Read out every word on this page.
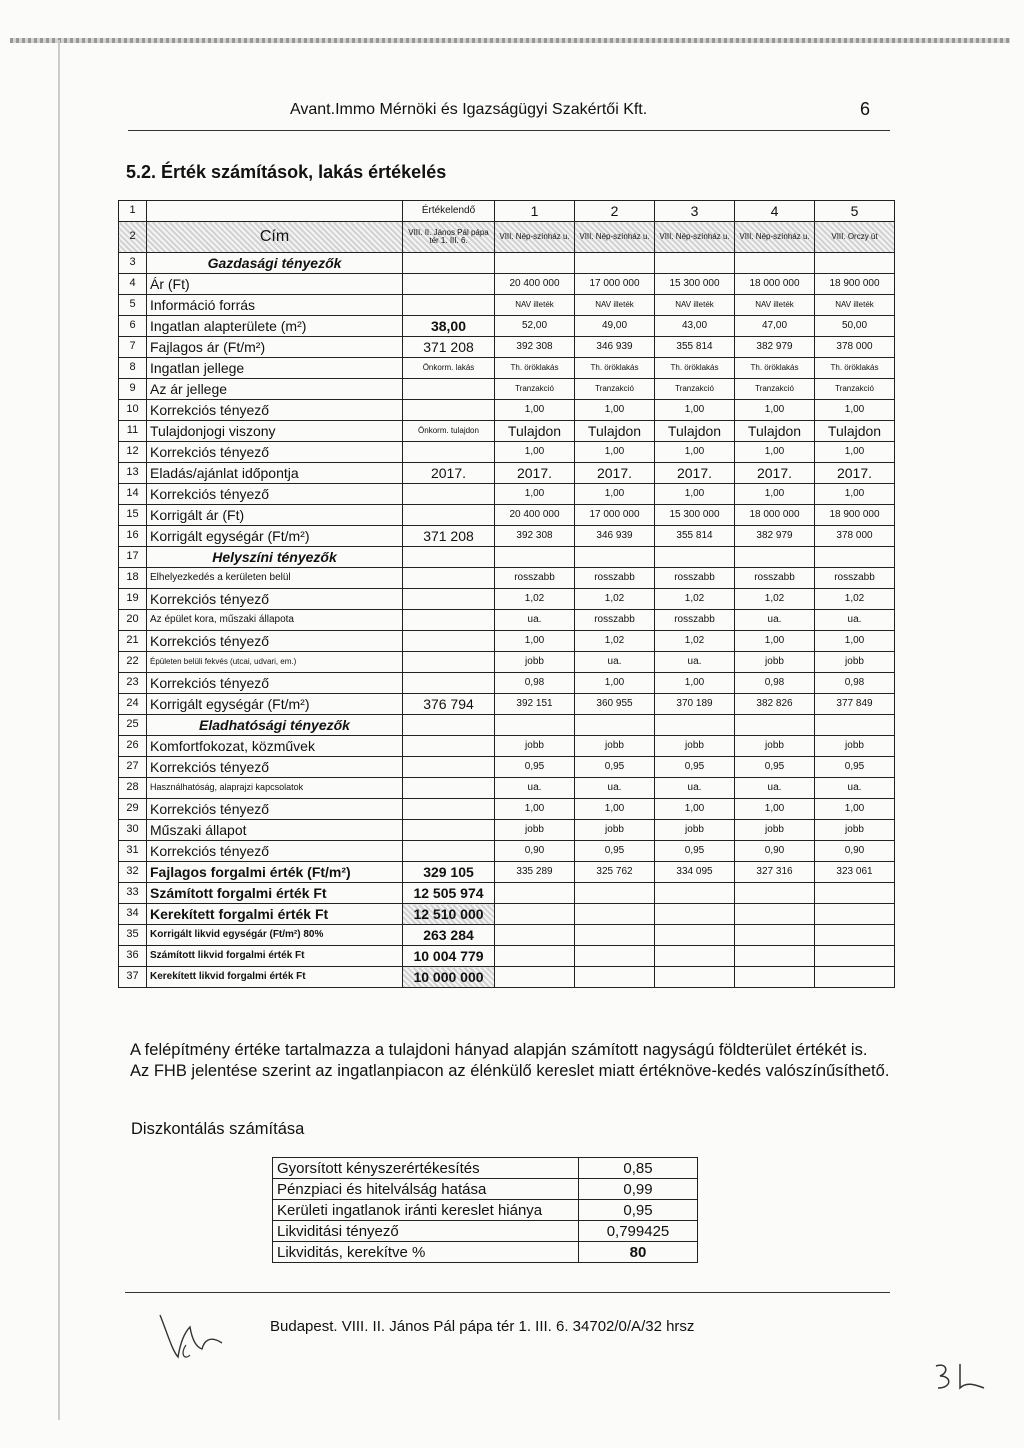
Avant.Immo Mérnöki és Igazságügyi Szakértői Kft.	6
5.2. Érték számítások, lakás értékelés
1		Értékelendő	1	2	3	4	5
2	Cím	VIII. II. János Pál pápa tér 1. III. 6.	VIII. Nép-színház u.	VIII. Nép-színház u.	VIII. Nép-színház u.	VIII. Nép-színház u.	VIII. Orczy út
3	Gazdasági tényezők						
4	Ár (Ft)		20 400 000	17 000 000	15 300 000	18 000 000	18 900 000
5	Információ forrás		NAV illeték	NAV illeték	NAV illeték	NAV illeték	NAV illeték
6	Ingatlan alapterülete (m²)	38,00	52,00	49,00	43,00	47,00	50,00
7	Fajlagos ár (Ft/m²)	371 208	392 308	346 939	355 814	382 979	378 000
8	Ingatlan jellege	Önkorm. lakás	Th. öröklakás	Th. öröklakás	Th. öröklakás	Th. öröklakás	Th. öröklakás
9	Az ár jellege		Tranzakció	Tranzakció	Tranzakció	Tranzakció	Tranzakció
10	Korrekciós tényező		1,00	1,00	1,00	1,00	1,00
11	Tulajdonjogi viszony	Önkorm. tulajdon	Tulajdon	Tulajdon	Tulajdon	Tulajdon	Tulajdon
12	Korrekciós tényező		1,00	1,00	1,00	1,00	1,00
13	Eladás/ajánlat időpontja	2017.	2017.	2017.	2017.	2017.	2017.
14	Korrekciós tényező		1,00	1,00	1,00	1,00	1,00
15	Korrigált ár (Ft)		20 400 000	17 000 000	15 300 000	18 000 000	18 900 000
16	Korrigált egységár (Ft/m²)	371 208	392 308	346 939	355 814	382 979	378 000
17	Helyszíni tényezők						
18	Elhelyezkedés a kerületen belül		rosszabb	rosszabb	rosszabb	rosszabb	rosszabb
19	Korrekciós tényező		1,02	1,02	1,02	1,02	1,02
20	Az épület kora, műszaki állapota		ua.	rosszabb	rosszabb	ua.	ua.
21	Korrekciós tényező		1,00	1,02	1,02	1,00	1,00
22	Épületen belüli fekvés (utcai, udvari, em.)		jobb	ua.	ua.	jobb	jobb
23	Korrekciós tényező		0,98	1,00	1,00	0,98	0,98
24	Korrigált egységár (Ft/m²)	376 794	392 151	360 955	370 189	382 826	377 849
25	Eladhatósági tényezők						
26	Komfortfokozat, közművek		jobb	jobb	jobb	jobb	jobb
27	Korrekciós tényező		0,95	0,95	0,95	0,95	0,95
28	Használhatóság, alaprajzi kapcsolatok		ua.	ua.	ua.	ua.	ua.
29	Korrekciós tényező		1,00	1,00	1,00	1,00	1,00
30	Műszaki állapot		jobb	jobb	jobb	jobb	jobb
31	Korrekciós tényező		0,90	0,95	0,95	0,90	0,90
32	Fajlagos forgalmi érték (Ft/m²)	329 105	335 289	325 762	334 095	327 316	323 061
33	Számított forgalmi érték Ft	12 505 974					
34	Kerekített forgalmi érték Ft	12 510 000					
35	Korrigált likvid egységár (Ft/m²) 80%	263 284					
36	Számított likvid forgalmi érték Ft	10 004 779					
37	Kerekített likvid forgalmi érték Ft	10 000 000					
A felépítmény értéke tartalmazza a tulajdoni hányad alapján számított nagyságú földterület értékét is. Az FHB jelentése szerint az ingatlanpiacon az élénkülő kereslet miatt értéknöve-kedés valószínűsíthető.
Diszkontálás számítása
Gyorsított kényszerértékesítés	0,85
Pénzpiaci és hitelválság hatása	0,99
Kerületi ingatlanok iránti kereslet hiánya	0,95
Likviditási tényező	0,799425
Likviditás, kerekítve %	80
Budapest. VIII. II. János Pál pápa tér 1. III. 6. 34702/0/A/32 hrsz
